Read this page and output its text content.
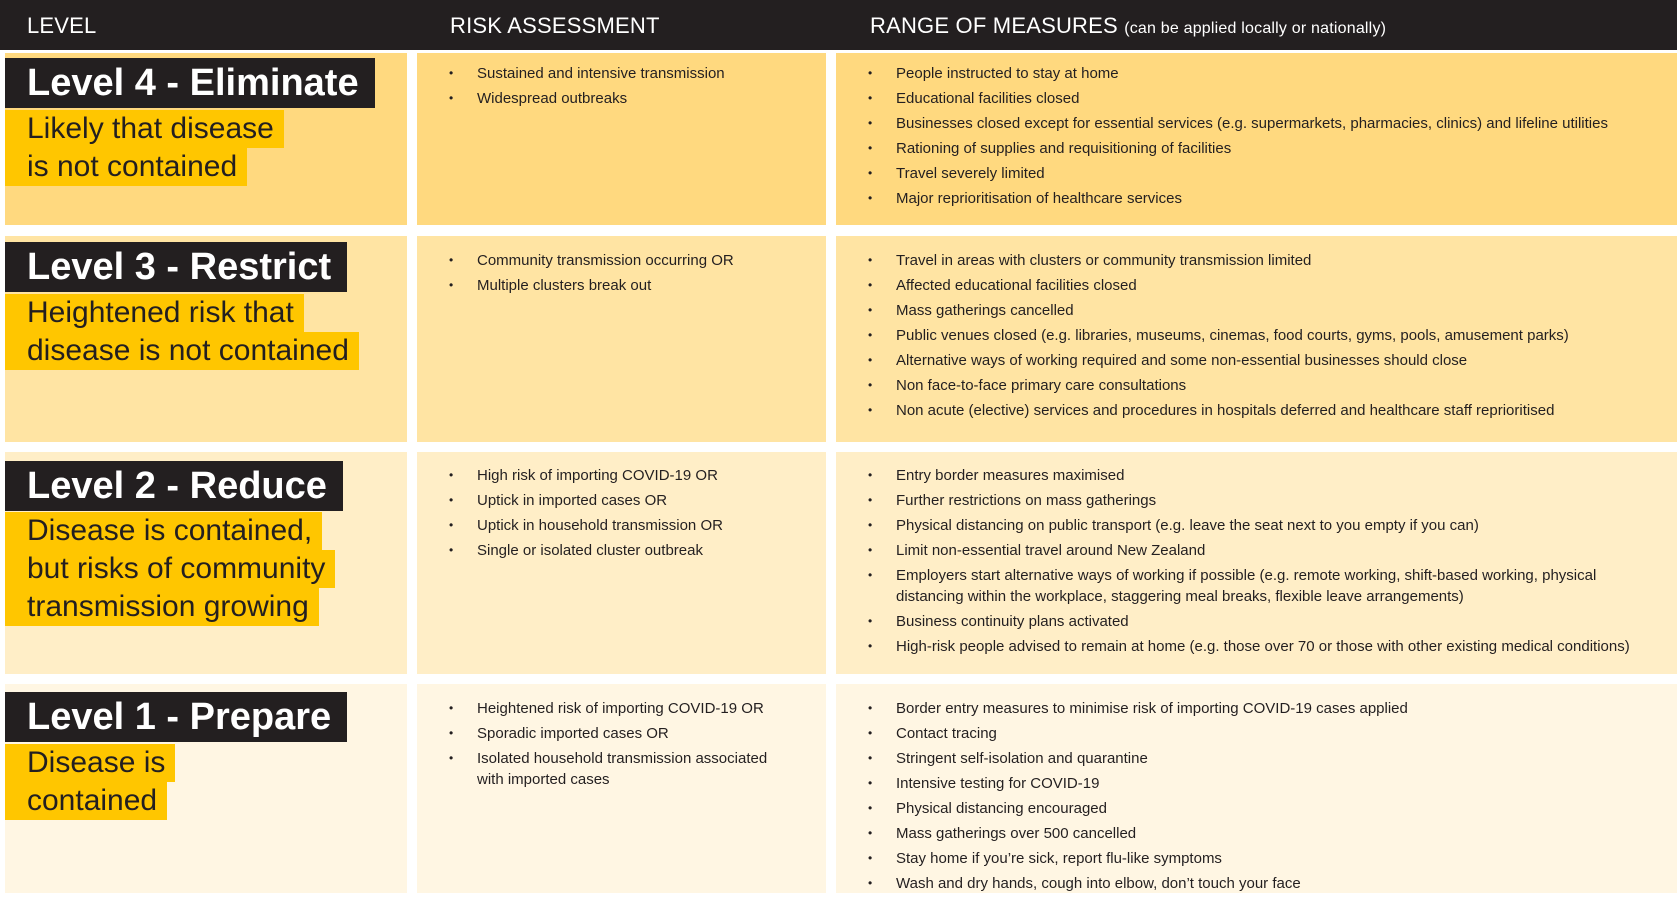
LEVEL	RISK ASSESSMENT	RANGE OF MEASURES (can be applied locally or nationally)
• Sustained and intensive transmission
• Widespread outbreaks
• People instructed to stay at home
• Educational facilities closed
• Businesses closed except for essential services (e.g. supermarkets, pharmacies, clinics) and lifeline utilities
• Rationing of supplies and requisitioning of facilities
• Travel severely limited
• Major reprioritisation of healthcare services
Level 4 - Eliminate
Likely that disease
is not contained
• Community transmission occurring OR
• Multiple clusters break out
• Travel in areas with clusters or community transmission limited
• Affected educational facilities closed
• Mass gatherings cancelled
• Public venues closed (e.g. libraries, museums, cinemas, food courts, gyms, pools, amusement parks)
• Alternative ways of working required and some non-essential businesses should close
• Non face-to-face primary care consultations
• Non acute (elective) services and procedures in hospitals deferred and healthcare staff reprioritised
Level 3 - Restrict
Heightened risk that
disease is not contained
• High risk of importing COVID-19 OR
• Uptick in imported cases OR
• Uptick in household transmission OR
• Single or isolated cluster outbreak
• Entry border measures maximised
• Further restrictions on mass gatherings
• Physical distancing on public transport (e.g. leave the seat next to you empty if you can)
• Limit non-essential travel around New Zealand
• Employers start alternative ways of working if possible (e.g. remote working, shift-based working, physical distancing within the workplace, staggering meal breaks, flexible leave arrangements)
• Business continuity plans activated
• High-risk people advised to remain at home (e.g. those over 70 or those with other existing medical conditions)
Level 2 - Reduce
Disease is contained,
but risks of community
transmission growing
• Heightened risk of importing COVID-19 OR
• Sporadic imported cases OR
• Isolated household transmission associated with imported cases
• Border entry measures to minimise risk of importing COVID-19 cases applied
• Contact tracing
• Stringent self-isolation and quarantine
• Intensive testing for COVID-19
• Physical distancing encouraged
• Mass gatherings over 500 cancelled
• Stay home if you’re sick, report flu-like symptoms
• Wash and dry hands, cough into elbow, don’t touch your face
Level 1 - Prepare
Disease is
contained
